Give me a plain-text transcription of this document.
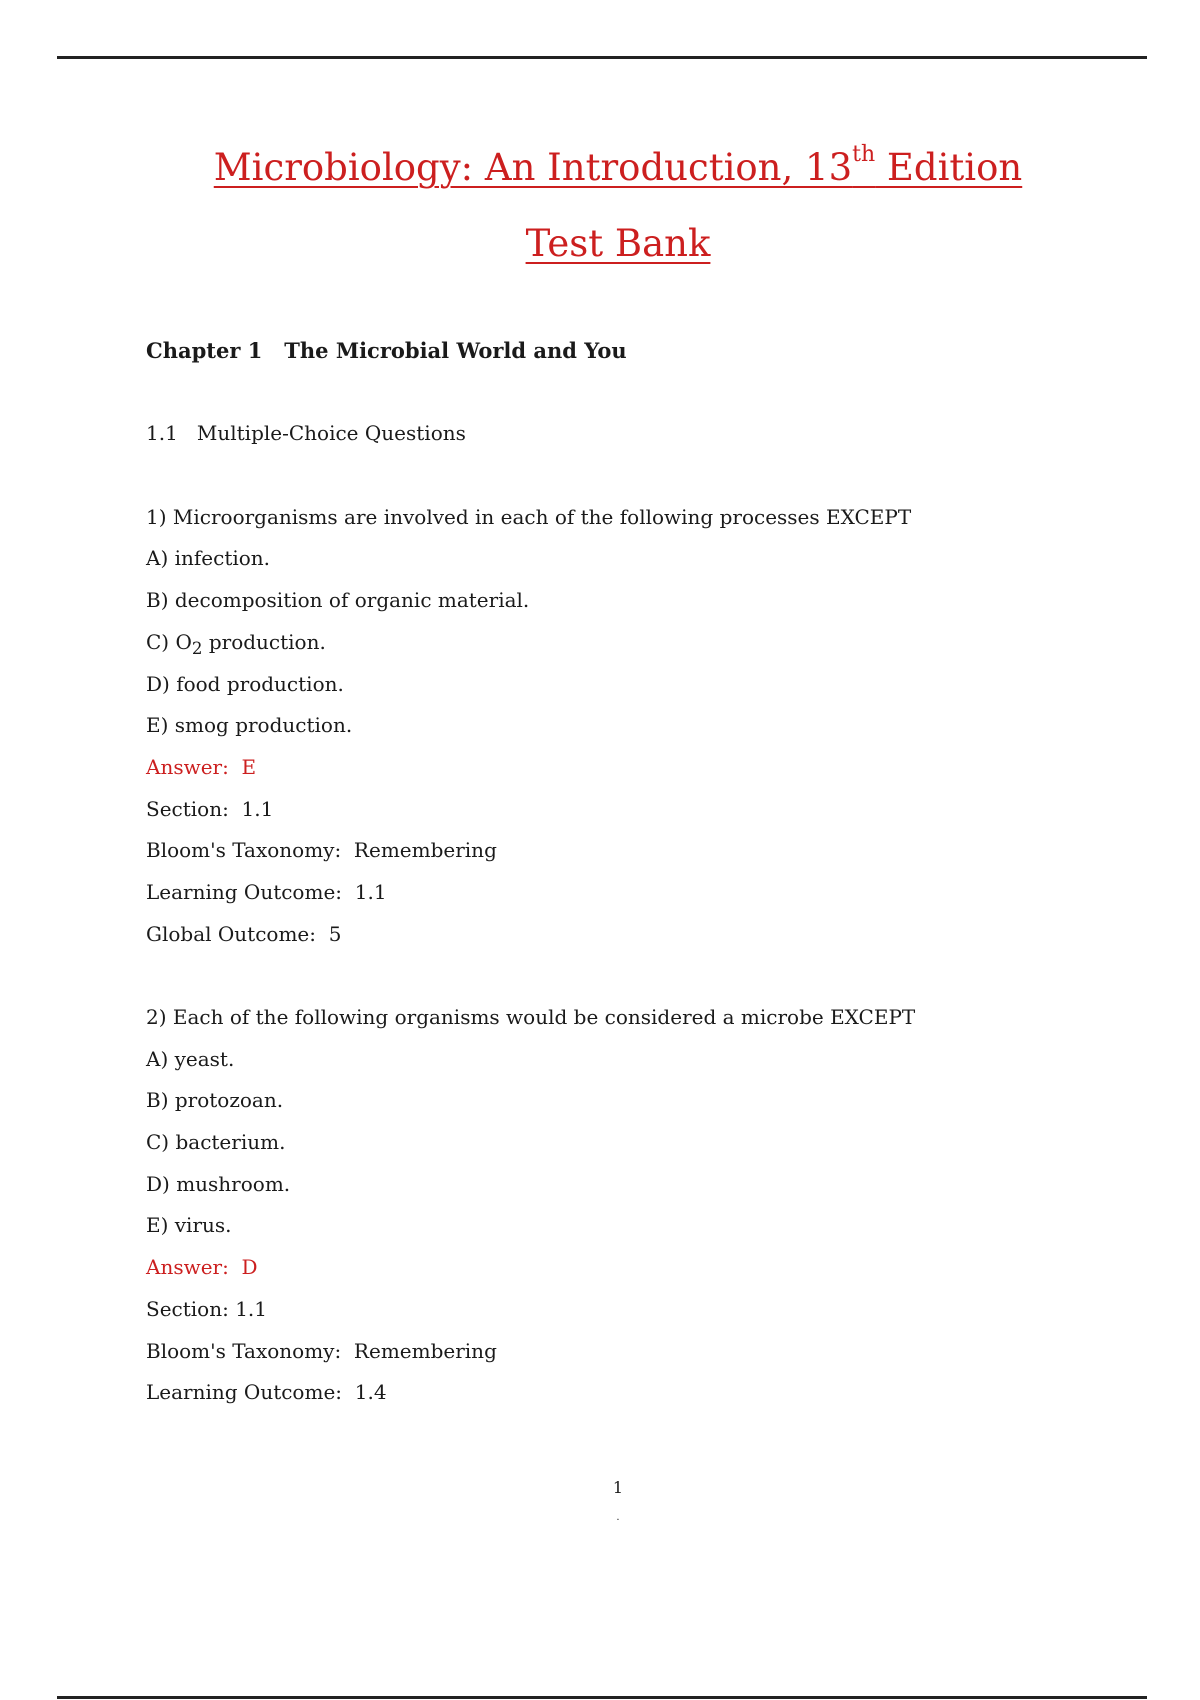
Microbiology: An Introduction, 13th Edition
Test Bank
Chapter 1   The Microbial World and You
1.1   Multiple-Choice Questions
1) Microorganisms are involved in each of the following processes EXCEPT
A) infection.
B) decomposition of organic material.
C) $O_2$ production.
D) food production.
E) smog production.
Answer:  E
Section:  1.1
Bloom's Taxonomy:  Remembering
Learning Outcome:  1.1
Global Outcome:  5
2) Each of the following organisms would be considered a microbe EXCEPT
A) yeast.
B) protozoan.
C) bacterium.
D) mushroom.
E) virus.
Answer:  D
Section: 1.1
Bloom's Taxonomy:  Remembering
Learning Outcome:  1.4
1
.
